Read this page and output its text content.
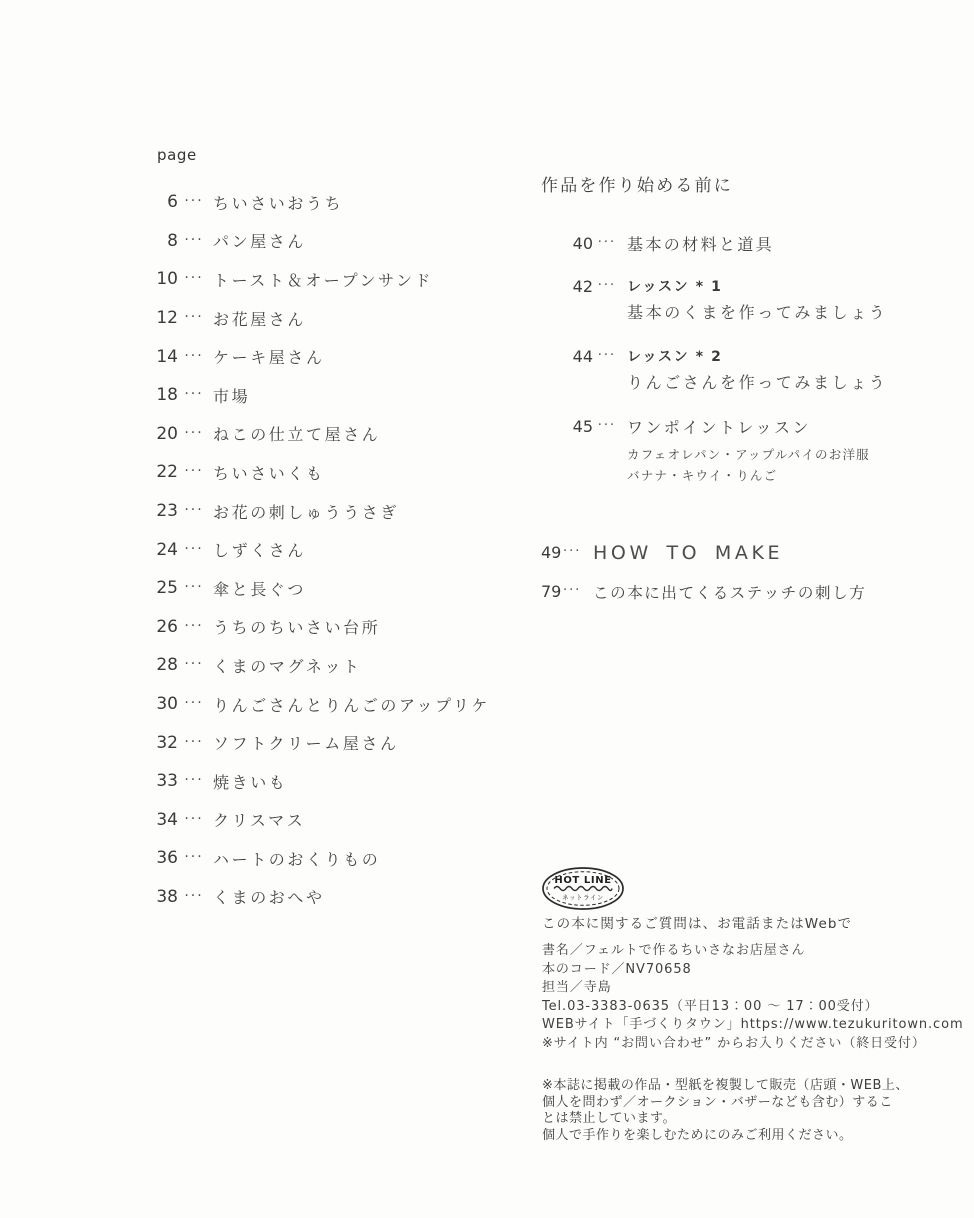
page
6 ··· ちいさいおうち
8 ··· パン屋さん
10 ··· トースト＆オープンサンド
12 ··· お花屋さん
14 ··· ケーキ屋さん
18 ··· 市場
20 ··· ねこの仕立て屋さん
22 ··· ちいさいくも
23 ··· お花の刺しゅううさぎ
24 ··· しずくさん
25 ··· 傘と長ぐつ
26 ··· うちのちいさい台所
28 ··· くまのマグネット
30 ··· りんごさんとりんごのアップリケ
32 ··· ソフトクリーム屋さん
33 ··· 焼きいも
34 ··· クリスマス
36 ··· ハートのおくりもの
38 ··· くまのおへや
作品を作り始める前に
40 ··· 基本の材料と道具
42 ··· レッスン * 1
基本のくまを作ってみましょう
44 ··· レッスン * 2
りんごさんを作ってみましょう
45 ··· ワンポイントレッスン
カフェオレパン・アップルパイのお洋服
バナナ・キウイ・りんご
49 ··· HOW TO MAKE
79 ··· この本に出てくるステッチの刺し方
HOT LINE
ネットライン
この本に関するご質問は、お電話またはWebで
書名／フェルトで作るちいさなお店屋さん
本のコード／NV70658
担当／寺島
Tel.03-3383-0635（平日13：00 ～ 17：00受付）
WEBサイト「手づくりタウン」https://www.tezukuritown.com
※サイト内 “お問い合わせ” からお入りください（終日受付）
※本誌に掲載の作品・型紙を複製して販売（店頭・WEB上、
個人を問わず／オークション・バザーなども含む）するこ
とは禁止しています。
個人で手作りを楽しむためにのみご利用ください。
